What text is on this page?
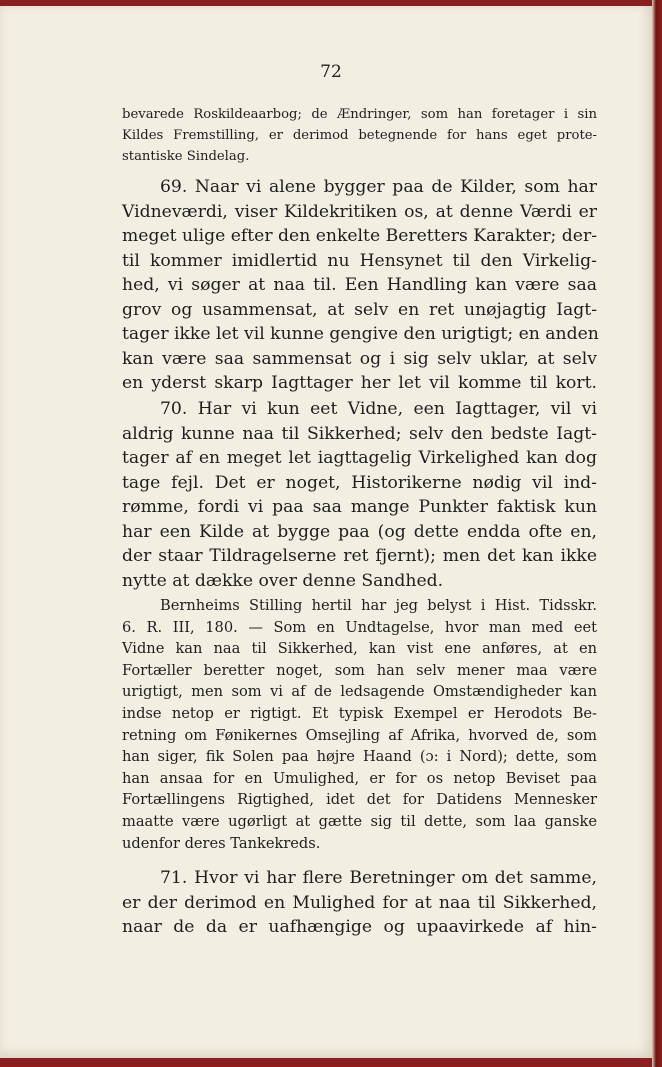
72
bevarede Roskildeaarbog; de Ændringer, som han foretager i sin
Kildes Fremstilling, er derimod betegnende for hans eget prote-
stantiske Sindelag.
69. Naar vi alene bygger paa de Kilder, som har
Vidneværdi, viser Kildekritiken os, at denne Værdi er
meget ulige efter den enkelte Beretters Karakter; der-
til kommer imidlertid nu Hensynet til den Virkelig-
hed, vi søger at naa til. Een Handling kan være saa
grov og usammensat, at selv en ret unøjagtig Iagt-
tager ikke let vil kunne gengive den urigtigt; en anden
kan være saa sammensat og i sig selv uklar, at selv
en yderst skarp Iagttager her let vil komme til kort.
70. Har vi kun eet Vidne, een Iagttager, vil vi
aldrig kunne naa til Sikkerhed; selv den bedste Iagt-
tager af en meget let iagttagelig Virkelighed kan dog
tage fejl. Det er noget, Historikerne nødig vil ind-
rømme, fordi vi paa saa mange Punkter faktisk kun
har een Kilde at bygge paa (og dette endda ofte en,
der staar Tildragelserne ret fjernt); men det kan ikke
nytte at dække over denne Sandhed.
Bernheims Stilling hertil har jeg belyst i Hist. Tidsskr.
6. R. III, 180. — Som en Undtagelse, hvor man med eet
Vidne kan naa til Sikkerhed, kan vist ene anføres, at en
Fortæller beretter noget, som han selv mener maa være
urigtigt, men som vi af de ledsagende Omstændigheder kan
indse netop er rigtigt. Et typisk Exempel er Herodots Be-
retning om Fønikernes Omsejling af Afrika, hvorved de, som
han siger, fik Solen paa højre Haand (ɔ: i Nord); dette, som
han ansaa for en Umulighed, er for os netop Beviset paa
Fortællingens Rigtighed, idet det for Datidens Mennesker
maatte være ugørligt at gætte sig til dette, som laa ganske
udenfor deres Tankekreds.
71. Hvor vi har flere Beretninger om det samme,
er der derimod en Mulighed for at naa til Sikkerhed,
naar de da er uafhængige og upaavirkede af hin-
